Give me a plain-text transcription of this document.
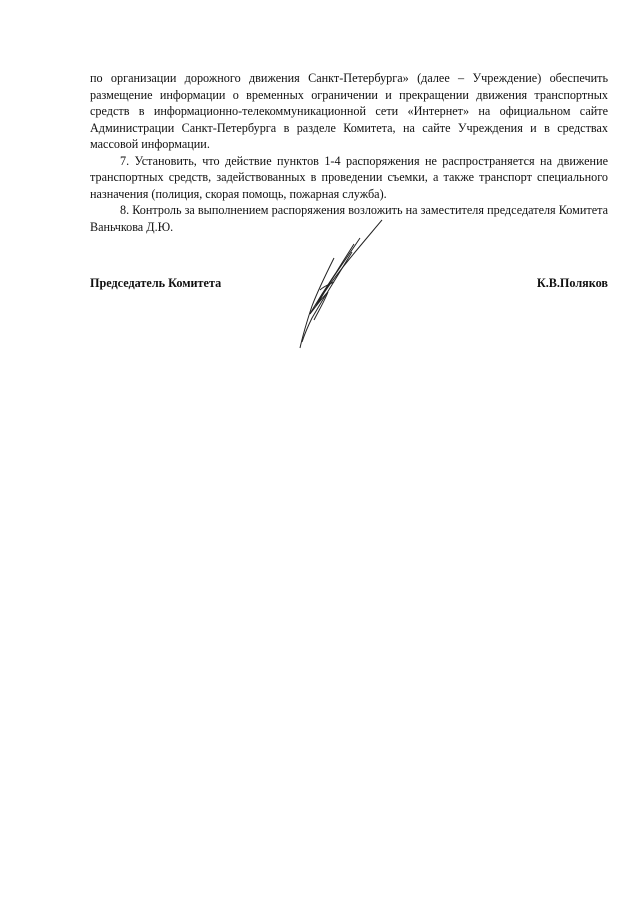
по организации дорожного движения Санкт-Петербурга» (далее – Учреждение) обеспечить размещение информации о временных ограничении и прекращении движения транспортных средств в информационно-телекоммуникационной сети «Интернет» на официальном сайте Администрации Санкт-Петербурга в разделе Комитета, на сайте Учреждения и в средствах массовой информации.

7. Установить, что действие пунктов 1-4 распоряжения не распространяется на движение транспортных средств, задействованных в проведении съемки, а также транспорт специального назначения (полиция, скорая помощь, пожарная служба).

8. Контроль за выполнением распоряжения возложить на заместителя председателя Комитета Ваньчкова Д.Ю.

Председатель Комитета	К.В.Поляков
